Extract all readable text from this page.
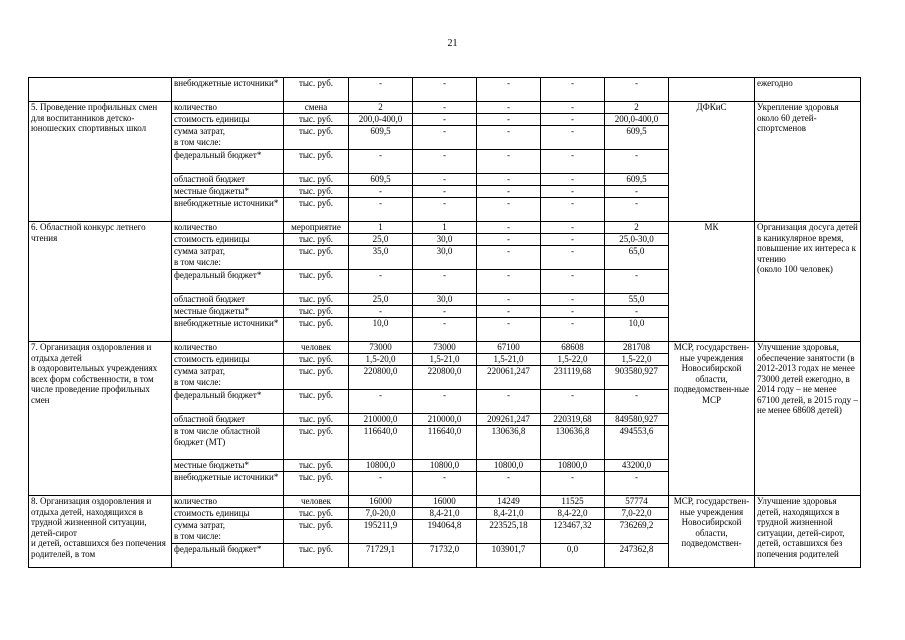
21
	внебюджетные источники*	тыс. руб.	-	-	-	-	-		ежегодно
5. Проведение профильных смен для воспитанников детско-юношеских спортивных школ	количество	смена	2	-	-	-	2	ДФКиС	Укрепление здоровья около 60 детей-спортсменов
	стоимость единицы	тыс. руб.	200,0-400,0	-	-	-	200,0-400,0		
	сумма затрат,
в том числе:	тыс. руб.	609,5	-	-	-	609,5		
	федеральный бюджет*	тыс. руб.	-	-	-	-	-		
	областной бюджет	тыс. руб.	609,5	-	-	-	609,5		
	местные бюджеты*	тыс. руб.	-	-	-	-	-		
	внебюджетные источники*	тыс. руб.	-	-	-	-	-		
6. Областной конкурс летнего чтения	количество	мероприятие	1	1	-	-	2	МК	Организация досуга детей в каникулярное время, повышение их интереса к чтению
(около 100 человек)
	стоимость единицы	тыс. руб.	25,0	30,0	-	-	25,0-30,0		
	сумма затрат,
в том числе:	тыс. руб.	35,0	30,0	-	-	65,0		
	федеральный бюджет*	тыс. руб.	-	-	-	-	-		
	областной бюджет	тыс. руб.	25,0	30,0	-	-	55,0		
	местные бюджеты*	тыс. руб.	-	-	-	-	-		
	внебюджетные источники*	тыс. руб.	10,0	-	-	-	10,0		
7. Организация оздоровления и отдыха детей
в оздоровительных учреждениях всех форм собственности, в том числе проведение профильных смен	количество	человек	73000	73000	67100	68608	281708	МСР, государствен-ные учреждения Новосибирской области, подведомствен-ные МСР	Улучшение здоровья, обеспечение занятости (в 2012-2013 годах не менее 73000 детей ежегодно, в 2014 году – не менее 67100 детей, в 2015 году – не менее 68608 детей)
	стоимость единицы	тыс. руб.	1,5-20,0	1,5-21,0	1,5-21,0	1,5-22,0	1,5-22,0		
	сумма затрат,
в том числе:	тыс. руб.	220800,0	220800,0	220061,247	231119,68	903580,927		
	федеральный бюджет*	тыс. руб.	-	-	-	-	-		
	областной бюджет	тыс. руб.	210000,0	210000,0	209261,247	220319,68	849580,927		
	в том числе областной бюджет (МТ)	тыс. руб.	116640,0	116640,0	130636,8	130636,8	494553,6		
	местные бюджеты*	тыс. руб.	10800,0	10800,0	10800,0	10800,0	43200,0		
	внебюджетные источники*	тыс. руб.	-	-	-	-	-		
8. Организация оздоровления и отдыха детей, находящихся в трудной жизненной ситуации, детей-сирот
и детей, оставшихся без попечения родителей, в том	количество	человек	16000	16000	14249	11525	57774	МСР, государствен-ные учреждения Новосибирской области, подведомствен-	Улучшение здоровья детей, находящихся в трудной жизненной ситуации, детей-сирот, детей, оставшихся без попечения родителей
	стоимость единицы	тыс. руб.	7,0-20,0	8,4-21,0	8,4-21,0	8,4-22,0	7,0-22,0		
	сумма затрат,
в том числе:	тыс. руб.	195211,9	194064,8	223525,18	123467,32	736269,2		
	федеральный бюджет*	тыс. руб.	71729,1	71732,0	103901,7	0,0	247362,8		
